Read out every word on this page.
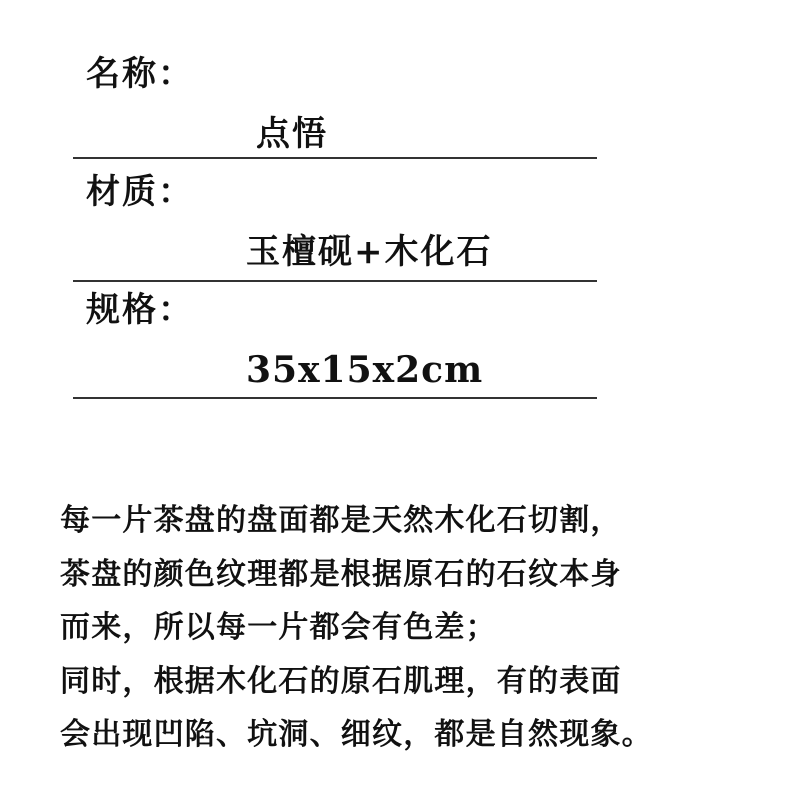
名称：
点悟
材质：
玉檀砚+木化石
规格：
35x15x2cm
每一片茶盘的盘面都是天然木化石切割，
茶盘的颜色纹理都是根据原石的石纹本身
而来，所以每一片都会有色差；
同时，根据木化石的原石肌理，有的表面
会出现凹陷、坑洞、细纹，都是自然现象。
